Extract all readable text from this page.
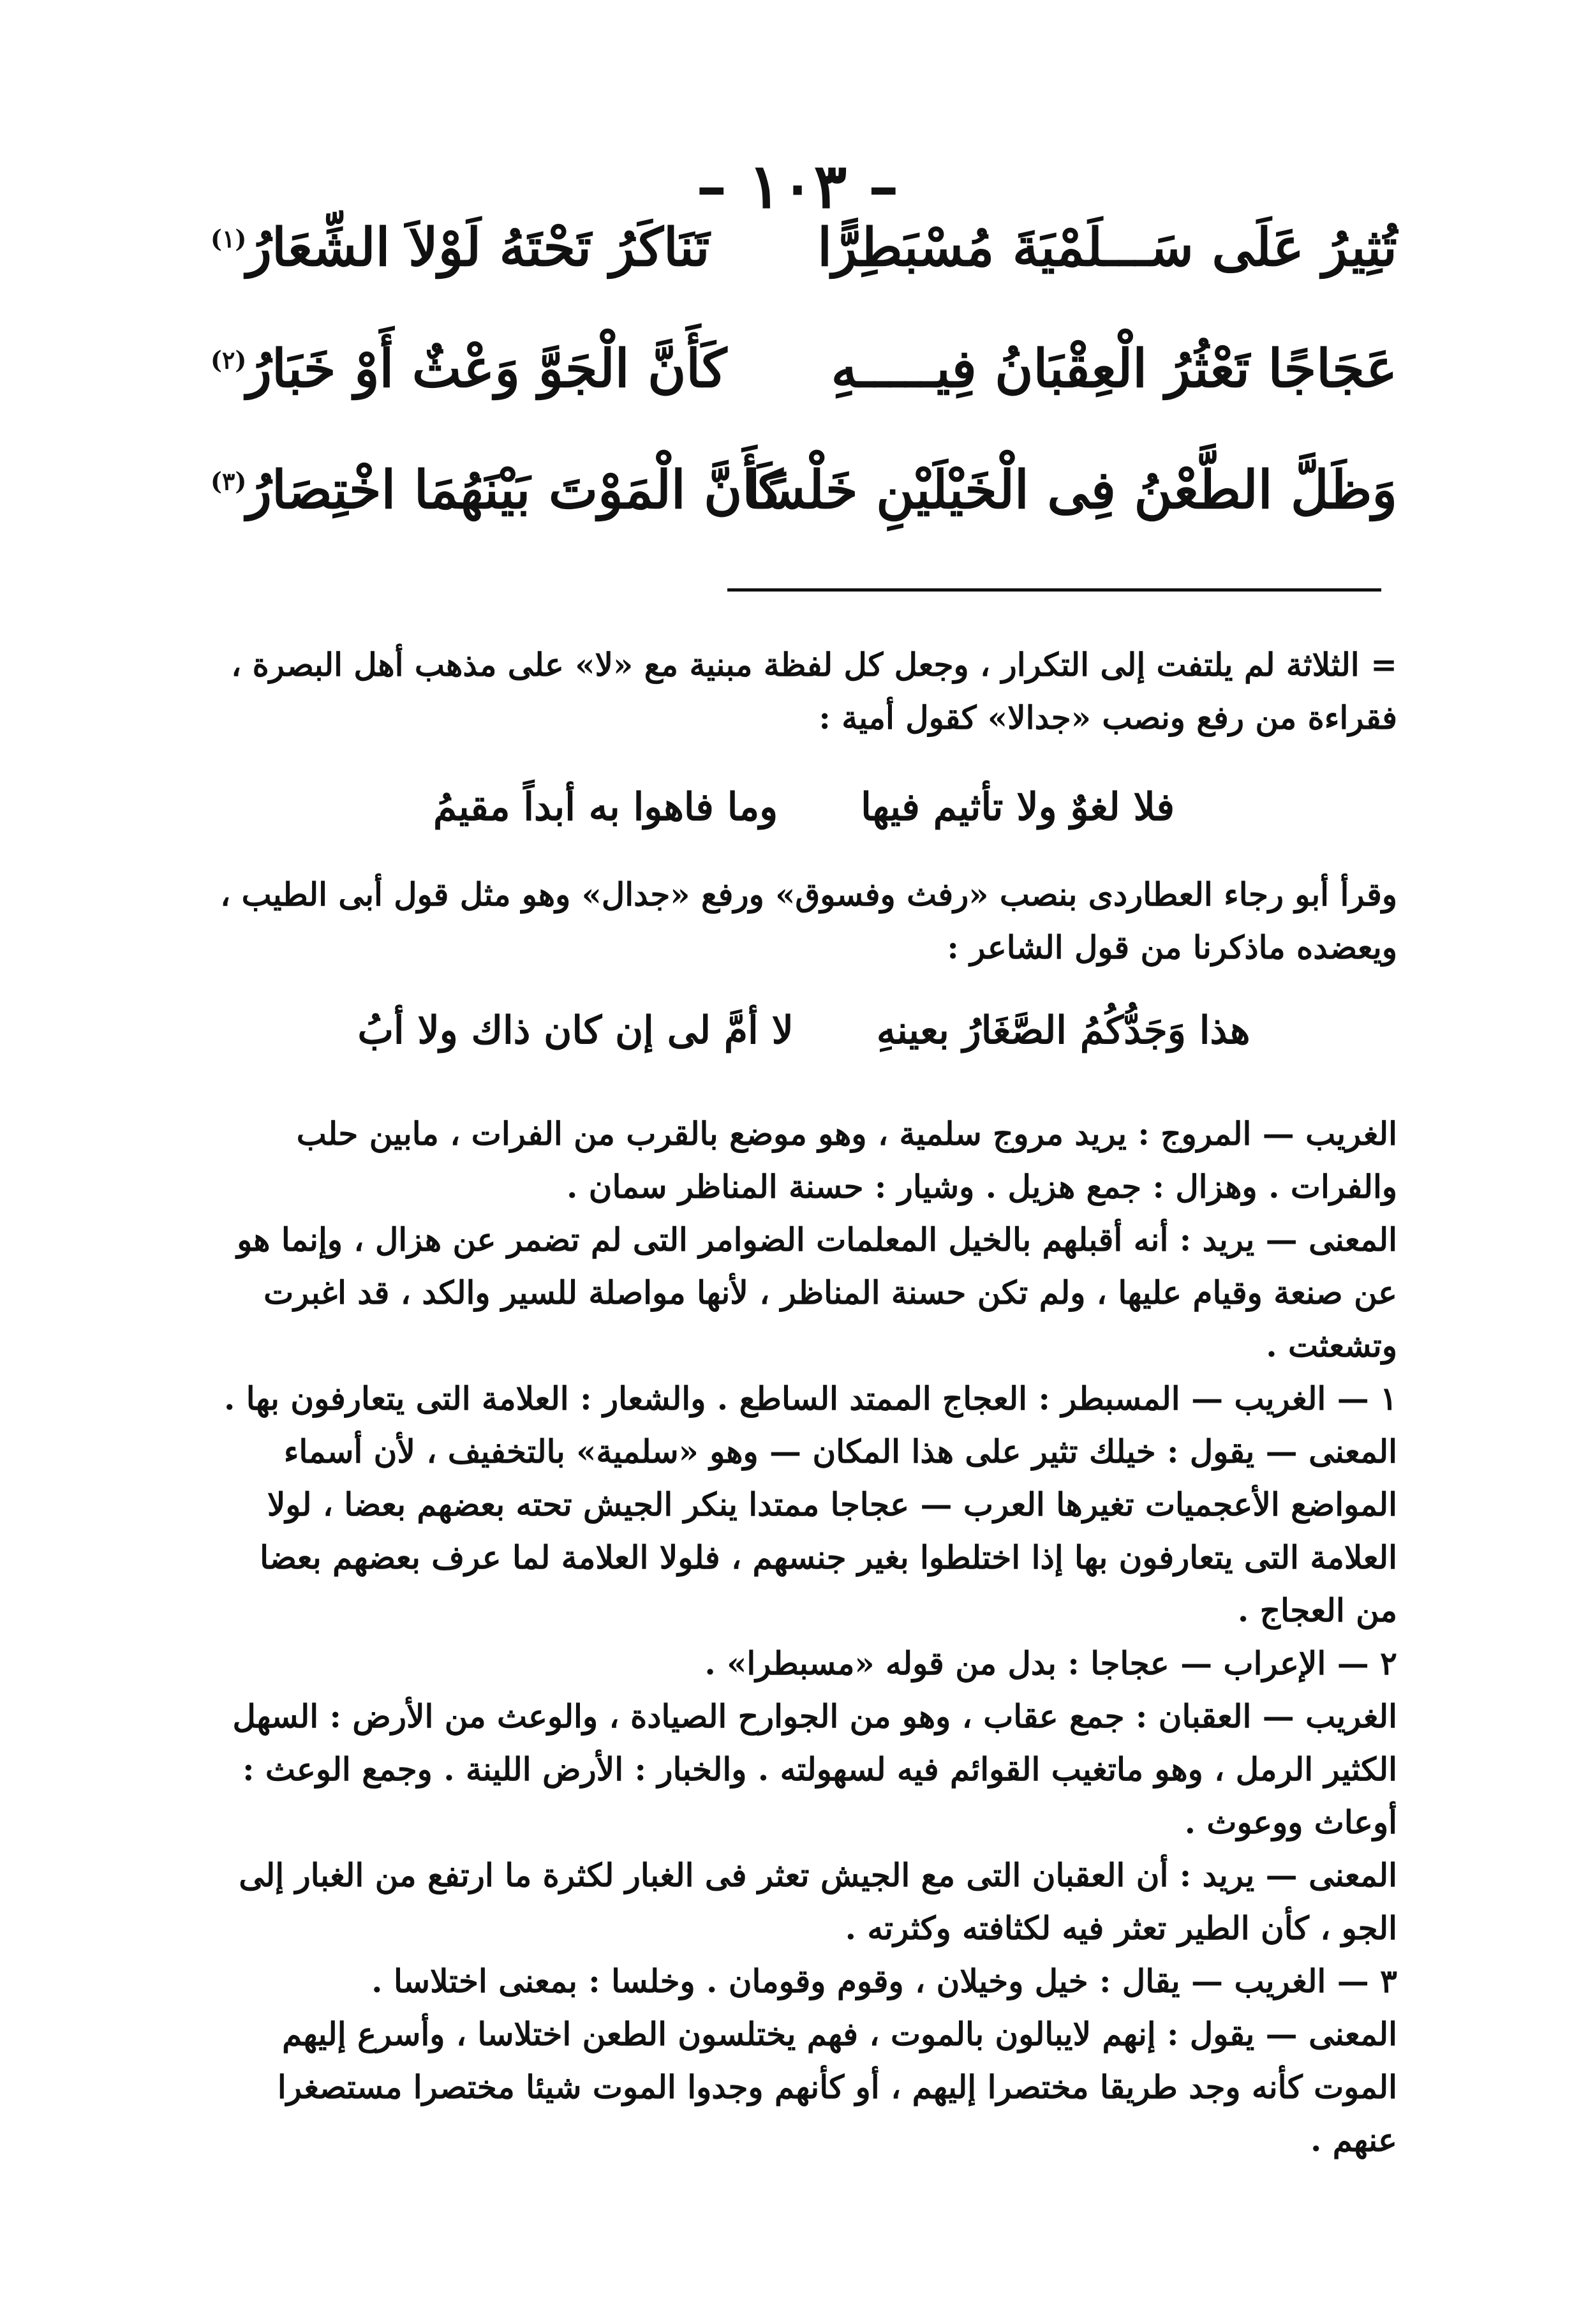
– ١٠٣ –
تُثِيرُ عَلَى سَـــلَمْيَةَ مُسْبَطِرًّا
تَنَاكَرُ تَحْتَهُ لَوْلاَ الشِّعَارُ$^{(١)}$
عَجَاجًا تَعْثُرُ الْعِقْبَانُ فِيـــــهِ
كَأَنَّ الْجَوَّ وَعْثٌ أَوْ خَبَارُ$^{(٢)}$
وَظَلَّ الطَّعْنُ فِى الْخَيْلَيْنِ خَلْسًا
كَأَنَّ الْمَوْتَ بَيْنَهُمَا اخْتِصَارُ$^{(٣)}$

= الثلاثة لم يلتفت إلى التكرار ، وجعل كل لفظة مبنية مع «لا» على مذهب أهل البصرة ، فقراءة من رفع ونصب «جدالا» كقول أمية :

فلا لغوٌ ولا تأثيم فيهاوما فاهوا به أبداً مقيمُ

وقرأ أبو رجاء العطاردى بنصب «رفث وفسوق» ورفع «جدال» وهو مثل قول أبى الطيب ، ويعضده ماذكرنا من قول الشاعر :

هذا وَجَدُّكُمُ الصَّغَارُ بعينهِلا أمَّ لى إن كان ذاك ولا أبُ

الغريب — المروج : يريد مروج سلمية ، وهو موضع بالقرب من الفرات ، مابين حلب والفرات . وهزال : جمع هزيل . وشيار : حسنة المناظر سمان .

المعنى — يريد : أنه أقبلهم بالخيل المعلمات الضوامر التى لم تضمر عن هزال ، وإنما هو عن صنعة وقيام عليها ، ولم تكن حسنة المناظر ، لأنها مواصلة للسير والكد ، قد اغبرت وتشعثت .

١ — الغريب — المسبطر : العجاج الممتد الساطع . والشعار : العلامة التى يتعارفون بها .

المعنى — يقول : خيلك تثير على هذا المكان — وهو «سلمية» بالتخفيف ، لأن أسماء المواضع الأعجميات تغيرها العرب — عجاجا ممتدا ينكر الجيش تحته بعضهم بعضا ، لولا العلامة التى يتعارفون بها إذا اختلطوا بغير جنسهم ، فلولا العلامة لما عرف بعضهم بعضا من العجاج .

٢ — الإعراب — عجاجا : بدل من قوله «مسبطرا» .

الغريب — العقبان : جمع عقاب ، وهو من الجوارح الصيادة ، والوعث من الأرض : السهل الكثير الرمل ، وهو ماتغيب القوائم فيه لسهولته . والخبار : الأرض اللينة . وجمع الوعث : أوعاث ووعوث .

المعنى — يريد : أن العقبان التى مع الجيش تعثر فى الغبار لكثرة ما ارتفع من الغبار إلى الجو ، كأن الطير تعثر فيه لكثافته وكثرته .

٣ — الغريب — يقال : خيل وخيلان ، وقوم وقومان . وخلسا : بمعنى اختلاسا .

المعنى — يقول : إنهم لايبالون بالموت ، فهم يختلسون الطعن اختلاسا ، وأسرع إليهم الموت كأنه وجد طريقا مختصرا إليهم ، أو كأنهم وجدوا الموت شيئا مختصرا مستصغرا عنهم .
